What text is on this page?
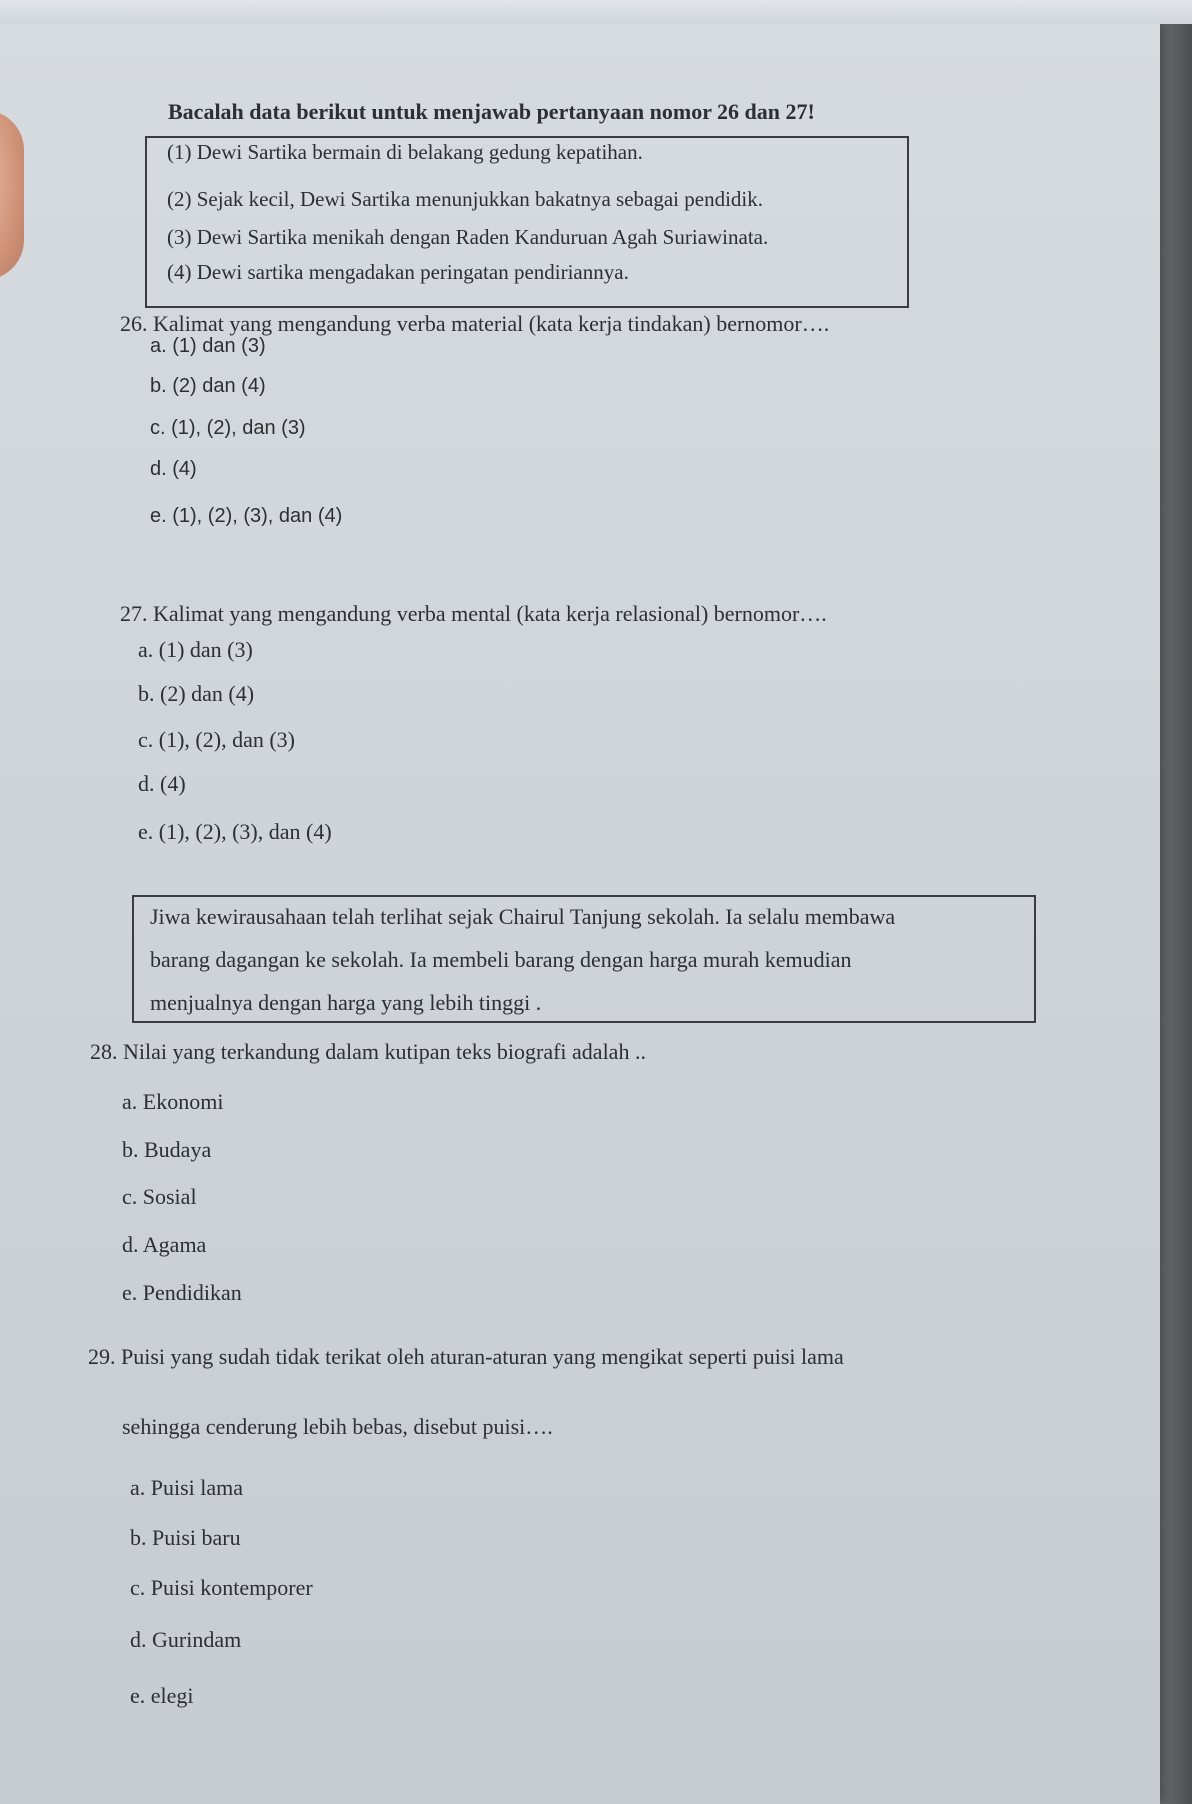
Bacalah data berikut untuk menjawab pertanyaan nomor 26 dan 27!
(1) Dewi Sartika bermain di belakang gedung kepatihan.
(2) Sejak kecil, Dewi Sartika menunjukkan bakatnya sebagai pendidik.
(3) Dewi Sartika menikah dengan Raden Kanduruan Agah Suriawinata.
(4) Dewi sartika mengadakan peringatan pendiriannya.
26. Kalimat yang mengandung verba material (kata kerja tindakan) bernomor….
a. (1) dan (3)
b. (2) dan (4)
c. (1), (2), dan (3)
d. (4)
e. (1), (2), (3), dan (4)
27. Kalimat yang mengandung verba mental (kata kerja relasional) bernomor….
a. (1) dan (3)
b. (2) dan (4)
c. (1), (2), dan (3)
d. (4)
e. (1), (2), (3), dan (4)
Jiwa kewirausahaan telah terlihat sejak Chairul Tanjung sekolah. Ia selalu membawa
barang dagangan ke sekolah. Ia membeli barang dengan harga murah kemudian
menjualnya dengan harga yang lebih tinggi .
28. Nilai yang terkandung dalam kutipan teks biografi adalah ..
a. Ekonomi
b. Budaya
c. Sosial
d. Agama
e. Pendidikan
29. Puisi yang sudah tidak terikat oleh aturan-aturan yang mengikat seperti puisi lama
sehingga cenderung lebih bebas, disebut puisi….
a. Puisi lama
b. Puisi baru
c. Puisi kontemporer
d. Gurindam
e. elegi
